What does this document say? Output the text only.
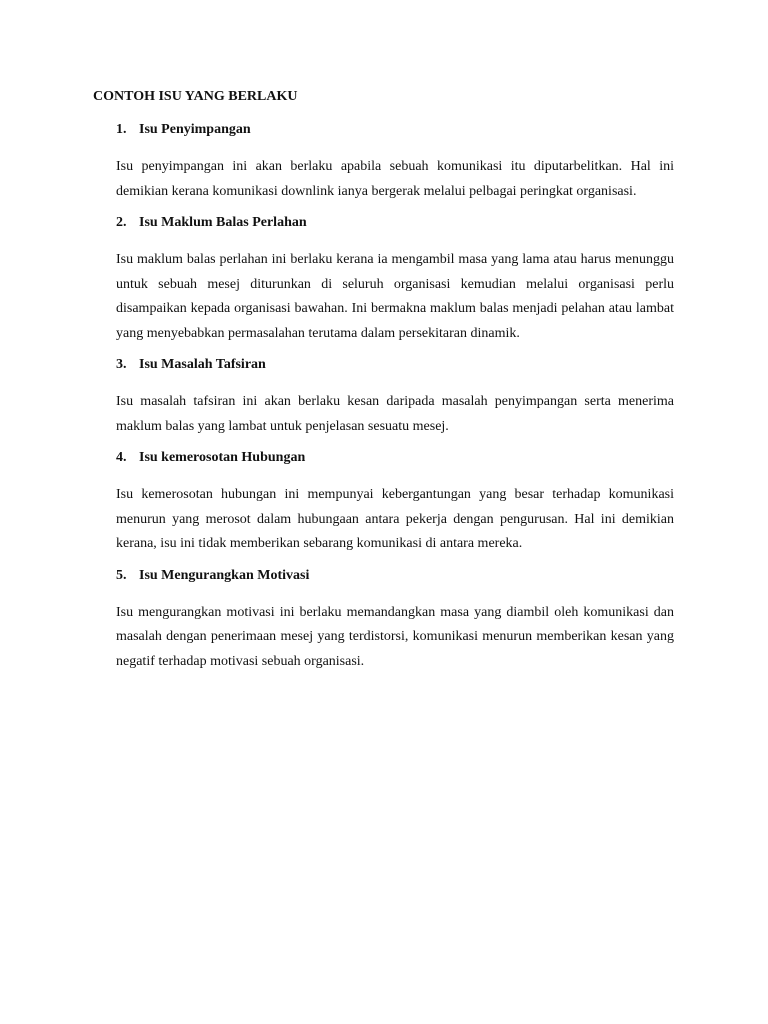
CONTOH ISU YANG BERLAKU
1. Isu Penyimpangan

Isu penyimpangan ini akan berlaku apabila sebuah komunikasi itu diputarbelitkan. Hal ini demikian kerana komunikasi downlink ianya bergerak melalui pelbagai peringkat organisasi.

2. Isu Maklum Balas Perlahan

Isu maklum balas perlahan ini berlaku kerana ia mengambil masa yang lama atau harus menunggu untuk sebuah mesej diturunkan di seluruh organisasi kemudian melalui organisasi perlu disampaikan kepada organisasi bawahan. Ini bermakna maklum balas menjadi pelahan atau lambat yang menyebabkan permasalahan terutama dalam persekitaran dinamik.

3. Isu Masalah Tafsiran

Isu masalah tafsiran ini akan berlaku kesan daripada masalah penyimpangan serta menerima maklum balas yang lambat untuk penjelasan sesuatu mesej.

4. Isu kemerosotan Hubungan

Isu kemerosotan hubungan ini mempunyai kebergantungan yang besar terhadap komunikasi menurun yang merosot dalam hubungaan antara pekerja dengan pengurusan. Hal ini demikian kerana, isu ini tidak memberikan sebarang komunikasi di antara mereka.

5. Isu Mengurangkan Motivasi

Isu mengurangkan motivasi ini berlaku memandangkan masa yang diambil oleh komunikasi dan masalah dengan penerimaan mesej yang terdistorsi, komunikasi menurun memberikan kesan yang negatif terhadap motivasi sebuah organisasi.
